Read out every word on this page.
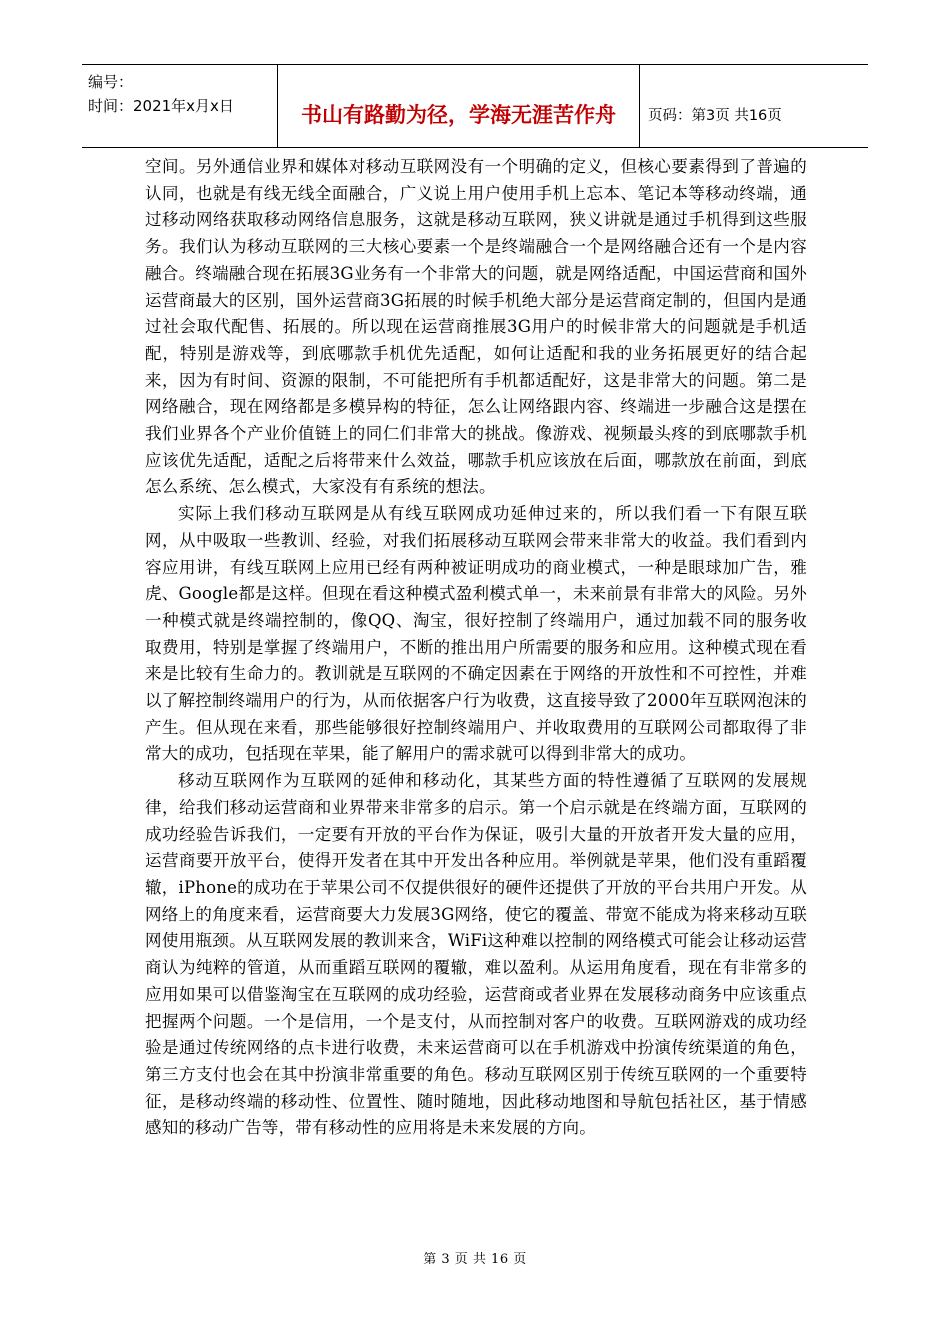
编号：
时间：2021年x月x日	书山有路勤为径，学海无涯苦作舟	页码：第3页 共16页

空间。另外通信业界和媒体对移动互联网没有一个明确的定义，但核心要素得到了普遍的认同，也就是有线无线全面融合，广义说上用户使用手机上忘本、笔记本等移动终端，通过移动网络获取移动网络信息服务，这就是移动互联网，狭义讲就是通过手机得到这些服务。我们认为移动互联网的三大核心要素一个是终端融合一个是网络融合还有一个是内容融合。终端融合现在拓展3G业务有一个非常大的问题，就是网络适配，中国运营商和国外运营商最大的区别，国外运营商3G拓展的时候手机绝大部分是运营商定制的，但国内是通过社会取代配售、拓展的。所以现在运营商推展3G用户的时候非常大的问题就是手机适配，特别是游戏等，到底哪款手机优先适配，如何让适配和我的业务拓展更好的结合起来，因为有时间、资源的限制，不可能把所有手机都适配好，这是非常大的问题。第二是网络融合，现在网络都是多模异构的特征，怎么让网络跟内容、终端进一步融合这是摆在我们业界各个产业价值链上的同仁们非常大的挑战。像游戏、视频最头疼的到底哪款手机应该优先适配，适配之后将带来什么效益，哪款手机应该放在后面，哪款放在前面，到底怎么系统、怎么模式，大家没有有系统的想法。

实际上我们移动互联网是从有线互联网成功延伸过来的，所以我们看一下有限互联网，从中吸取一些教训、经验，对我们拓展移动互联网会带来非常大的收益。我们看到内容应用讲，有线互联网上应用已经有两种被证明成功的商业模式，一种是眼球加广告，雅虎、Google都是这样。但现在看这种模式盈利模式单一，未来前景有非常大的风险。另外一种模式就是终端控制的，像QQ、淘宝，很好控制了终端用户，通过加载不同的服务收取费用，特别是掌握了终端用户，不断的推出用户所需要的服务和应用。这种模式现在看来是比较有生命力的。教训就是互联网的不确定因素在于网络的开放性和不可控性，并难以了解控制终端用户的行为，从而依据客户行为收费，这直接导致了2000年互联网泡沫的产生。但从现在来看，那些能够很好控制终端用户、并收取费用的互联网公司都取得了非常大的成功，包括现在苹果，能了解用户的需求就可以得到非常大的成功。

移动互联网作为互联网的延伸和移动化，其某些方面的特性遵循了互联网的发展规律，给我们移动运营商和业界带来非常多的启示。第一个启示就是在终端方面，互联网的成功经验告诉我们，一定要有开放的平台作为保证，吸引大量的开放者开发大量的应用，运营商要开放平台，使得开发者在其中开发出各种应用。举例就是苹果，他们没有重蹈覆辙，iPhone的成功在于苹果公司不仅提供很好的硬件还提供了开放的平台共用户开发。从网络上的角度来看，运营商要大力发展3G网络，使它的覆盖、带宽不能成为将来移动互联网使用瓶颈。从互联网发展的教训来含，WiFi这种难以控制的网络模式可能会让移动运营商认为纯粹的管道，从而重蹈互联网的覆辙，难以盈利。从运用角度看，现在有非常多的应用如果可以借鉴淘宝在互联网的成功经验，运营商或者业界在发展移动商务中应该重点把握两个问题。一个是信用，一个是支付，从而控制对客户的收费。互联网游戏的成功经验是通过传统网络的点卡进行收费，未来运营商可以在手机游戏中扮演传统渠道的角色，第三方支付也会在其中扮演非常重要的角色。移动互联网区别于传统互联网的一个重要特征，是移动终端的移动性、位置性、随时随地，因此移动地图和导航包括社区，基于情感感知的移动广告等，带有移动性的应用将是未来发展的方向。

第 3 页 共 16 页
